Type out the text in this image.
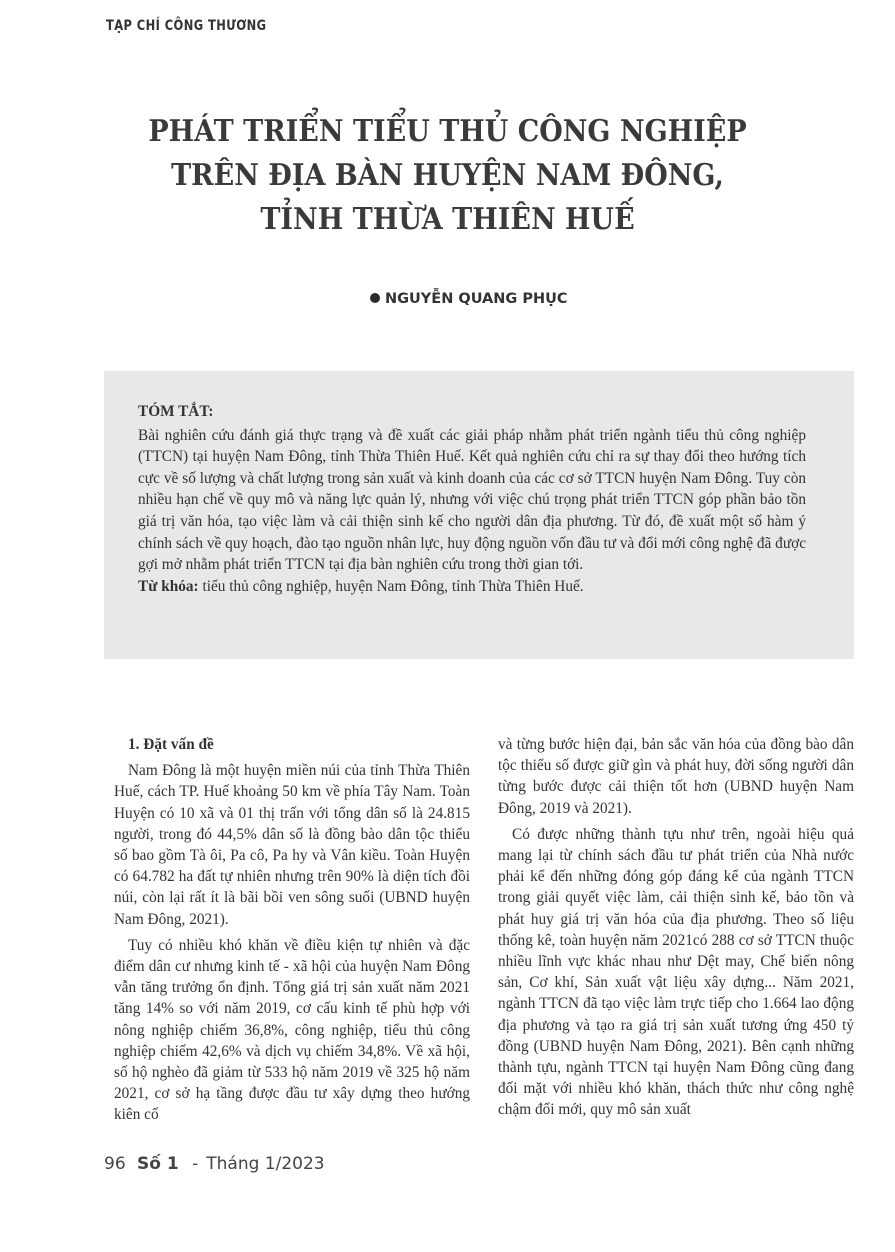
TẠP CHÍ CÔNG THƯƠNG
PHÁT TRIỂN TIỂU THỦ CÔNG NGHIỆP
TRÊN ĐỊA BÀN HUYỆN NAM ĐÔNG,
TỈNH THỪA THIÊN HUẾ
NGUYỄN QUANG PHỤC
TÓM TẮT:
Bài nghiên cứu đánh giá thực trạng và đề xuất các giải pháp nhằm phát triển ngành tiểu thủ công nghiệp (TTCN) tại huyện Nam Đông, tỉnh Thừa Thiên Huế. Kết quả nghiên cứu chỉ ra sự thay đổi theo hướng tích cực về số lượng và chất lượng trong sản xuất và kinh doanh của các cơ sở TTCN huyện Nam Đông. Tuy còn nhiều hạn chế về quy mô và năng lực quản lý, nhưng với việc chú trọng phát triển TTCN góp phần bảo tồn giá trị văn hóa, tạo việc làm và cải thiện sinh kế cho người dân địa phương. Từ đó, đề xuất một số hàm ý chính sách về quy hoạch, đào tạo nguồn nhân lực, huy động nguồn vốn đầu tư và đổi mới công nghệ đã được gợi mở nhằm phát triển TTCN tại địa bàn nghiên cứu trong thời gian tới.
Từ khóa: tiểu thủ công nghiệp, huyện Nam Đông, tỉnh Thừa Thiên Huế.

1. Đặt vấn đề

Nam Đông là một huyện miền núi của tỉnh Thừa Thiên Huế, cách TP. Huế khoảng 50 km về phía Tây Nam. Toàn Huyện có 10 xã và 01 thị trấn với tổng dân số là 24.815 người, trong đó 44,5% dân số là đồng bào dân tộc thiểu số bao gồm Tà ôi, Pa cô, Pa hy và Vân kiều. Toàn Huyện có 64.782 ha đất tự nhiên nhưng trên 90% là diện tích đồi núi, còn lại rất ít là bãi bồi ven sông suối (UBND huyện Nam Đông, 2021).

Tuy có nhiều khó khăn về điều kiện tự nhiên và đặc điểm dân cư nhưng kinh tế - xã hội của huyện Nam Đông vẫn tăng trưởng ổn định. Tổng giá trị sản xuất năm 2021 tăng 14% so với năm 2019, cơ cấu kinh tế phù hợp với nông nghiệp chiếm 36,8%, công nghiệp, tiểu thủ công nghiệp chiếm 42,6% và dịch vụ chiếm 34,8%. Về xã hội, số hộ nghèo đã giảm từ 533 hộ năm 2019 về 325 hộ năm 2021, cơ sở hạ tầng được đầu tư xây dựng theo hướng kiên cố

và từng bước hiện đại, bản sắc văn hóa của đồng bào dân tộc thiểu số được giữ gìn và phát huy, đời sống người dân từng bước được cải thiện tốt hơn (UBND huyện Nam Đông, 2019 và 2021).

Có được những thành tựu như trên, ngoài hiệu quả mang lại từ chính sách đầu tư phát triển của Nhà nước phải kể đến những đóng góp đáng kể của ngành TTCN trong giải quyết việc làm, cải thiện sinh kế, bảo tồn và phát huy giá trị văn hóa của địa phương. Theo số liệu thống kê, toàn huyện năm 2021có 288 cơ sở TTCN thuộc nhiều lĩnh vực khác nhau như Dệt may, Chế biến nông sản, Cơ khí, Sản xuất vật liệu xây dựng... Năm 2021, ngành TTCN đã tạo việc làm trực tiếp cho 1.664 lao động địa phương và tạo ra giá trị sản xuất tương ứng 450 tỷ đồng (UBND huyện Nam Đông, 2021). Bên cạnh những thành tựu, ngành TTCN tại huyện Nam Đông cũng đang đối mặt với nhiều khó khăn, thách thức như công nghệ chậm đổi mới, quy mô sản xuất

96 Số 1 - Tháng 1/2023
